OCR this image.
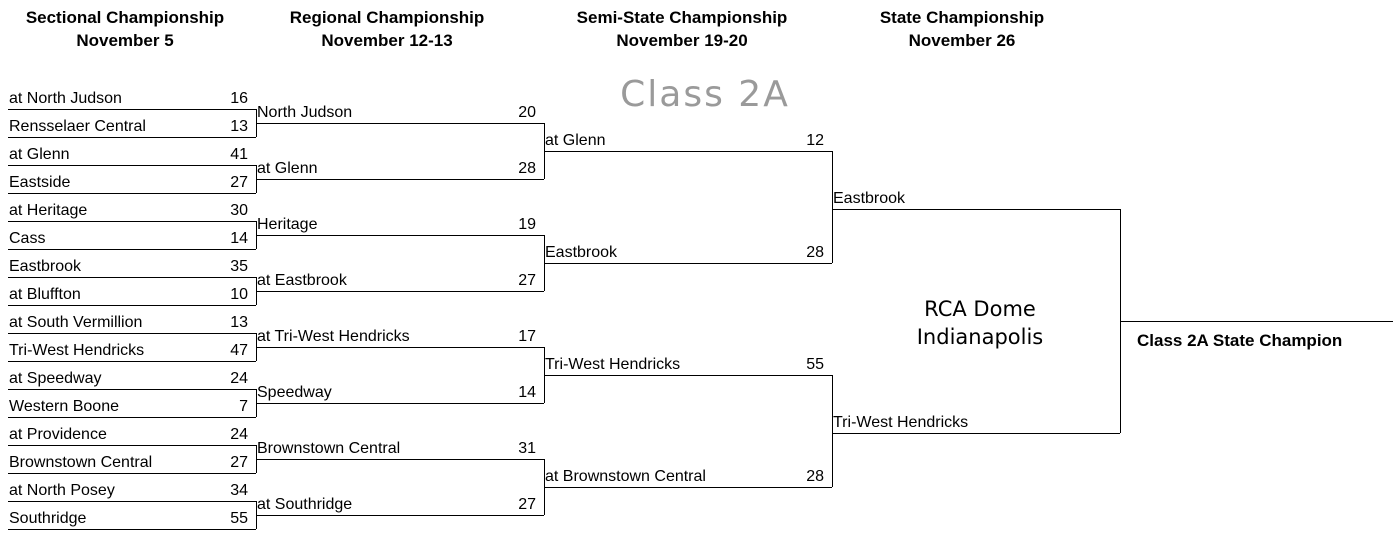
Sectional Championship
November 5
Regional Championship
November 12-13
Semi-State Championship
November 19-20
State Championship
November 26
Class 2A
RCA Dome
Indianapolis	Class 2A State Champion
at North Judson	16
Rensselaer Central	13
at Glenn	41
Eastside	27
at Heritage	30
Cass	14
Eastbrook	35
at Bluffton	10
at South Vermillion	13
Tri-West Hendricks	47
at Speedway	24
Western Boone	7
at Providence	24
Brownstown Central	27
at North Posey	34
Southridge	55
North Judson	20
at Glenn	28
Heritage	19
at Eastbrook	27
at Tri-West Hendricks	17
Speedway	14
Brownstown Central	31
at Southridge	27
at Glenn	12
Eastbrook	28
Tri-West Hendricks	55
at Brownstown Central	28
Eastbrook
Tri-West Hendricks
